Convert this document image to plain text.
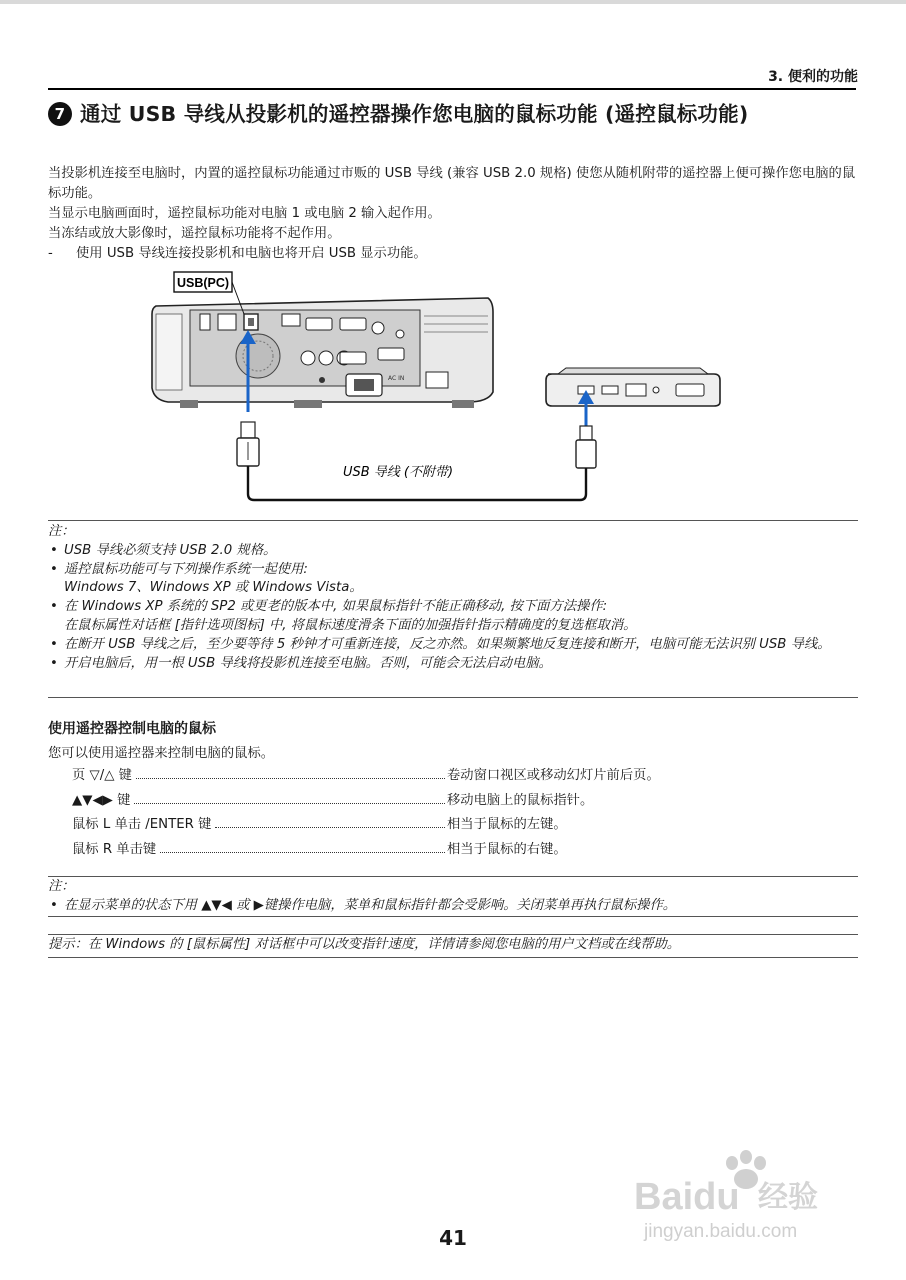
3. 便利的功能
7 通过 USB 导线从投影机的遥控器操作您电脑的鼠标功能 (遥控鼠标功能)

当投影机连接至电脑时，内置的遥控鼠标功能通过市贩的 USB 导线 (兼容 USB 2.0 规格) 使您从随机附带的遥控器上便可操作您电脑的鼠标功能。

当显示电脑画面时，遥控鼠标功能对电脑 1 或电脑 2 输入起作用。

当冻结或放大影像时，遥控鼠标功能将不起作用。

- 使用 USB 导线连接投影机和电脑也将开启 USB 显示功能。
AC IN
USB(PC)
USB 导线 (不附带)

注：

• USB 导线必须支持 USB 2.0 规格。
• 遥控鼠标功能可与下列操作系统一起使用:
Windows 7、Windows XP 或 Windows Vista。
• 在 Windows XP 系统的 SP2 或更老的版本中, 如果鼠标指针不能正确移动, 按下面方法操作:
在鼠标属性对话框 [指针选项图标] 中, 将鼠标速度滑条下面的加强指针指示精确度的复选框取消。
• 在断开 USB 导线之后，至少要等待 5 秒钟才可重新连接，反之亦然。如果频繁地反复连接和断开，电脑可能无法识别 USB 导线。
• 开启电脑后，用一根 USB 导线将投影机连接至电脑。否则，可能会无法启动电脑。
使用遥控器控制电脑的鼠标
您可以使用遥控器来控制电脑的鼠标。
页 ▽/△ 键	卷动窗口视区或移动幻灯片前后页。
▲▼◀▶ 键	移动电脑上的鼠标指针。
鼠标 L 单击 /ENTER 键	相当于鼠标的左键。
鼠标 R 单击键	相当于鼠标的右键。

注：

• 在显示菜单的状态下用 ▲▼◀ 或 ▶键操作电脑，菜单和鼠标指针都会受影响。关闭菜单再执行鼠标操作。
提示：在 Windows 的 [鼠标属性] 对话框中可以改变指针速度，详情请参阅您电脑的用户文档或在线帮助。
Baidu 经验
jingyan.baidu.com
41
